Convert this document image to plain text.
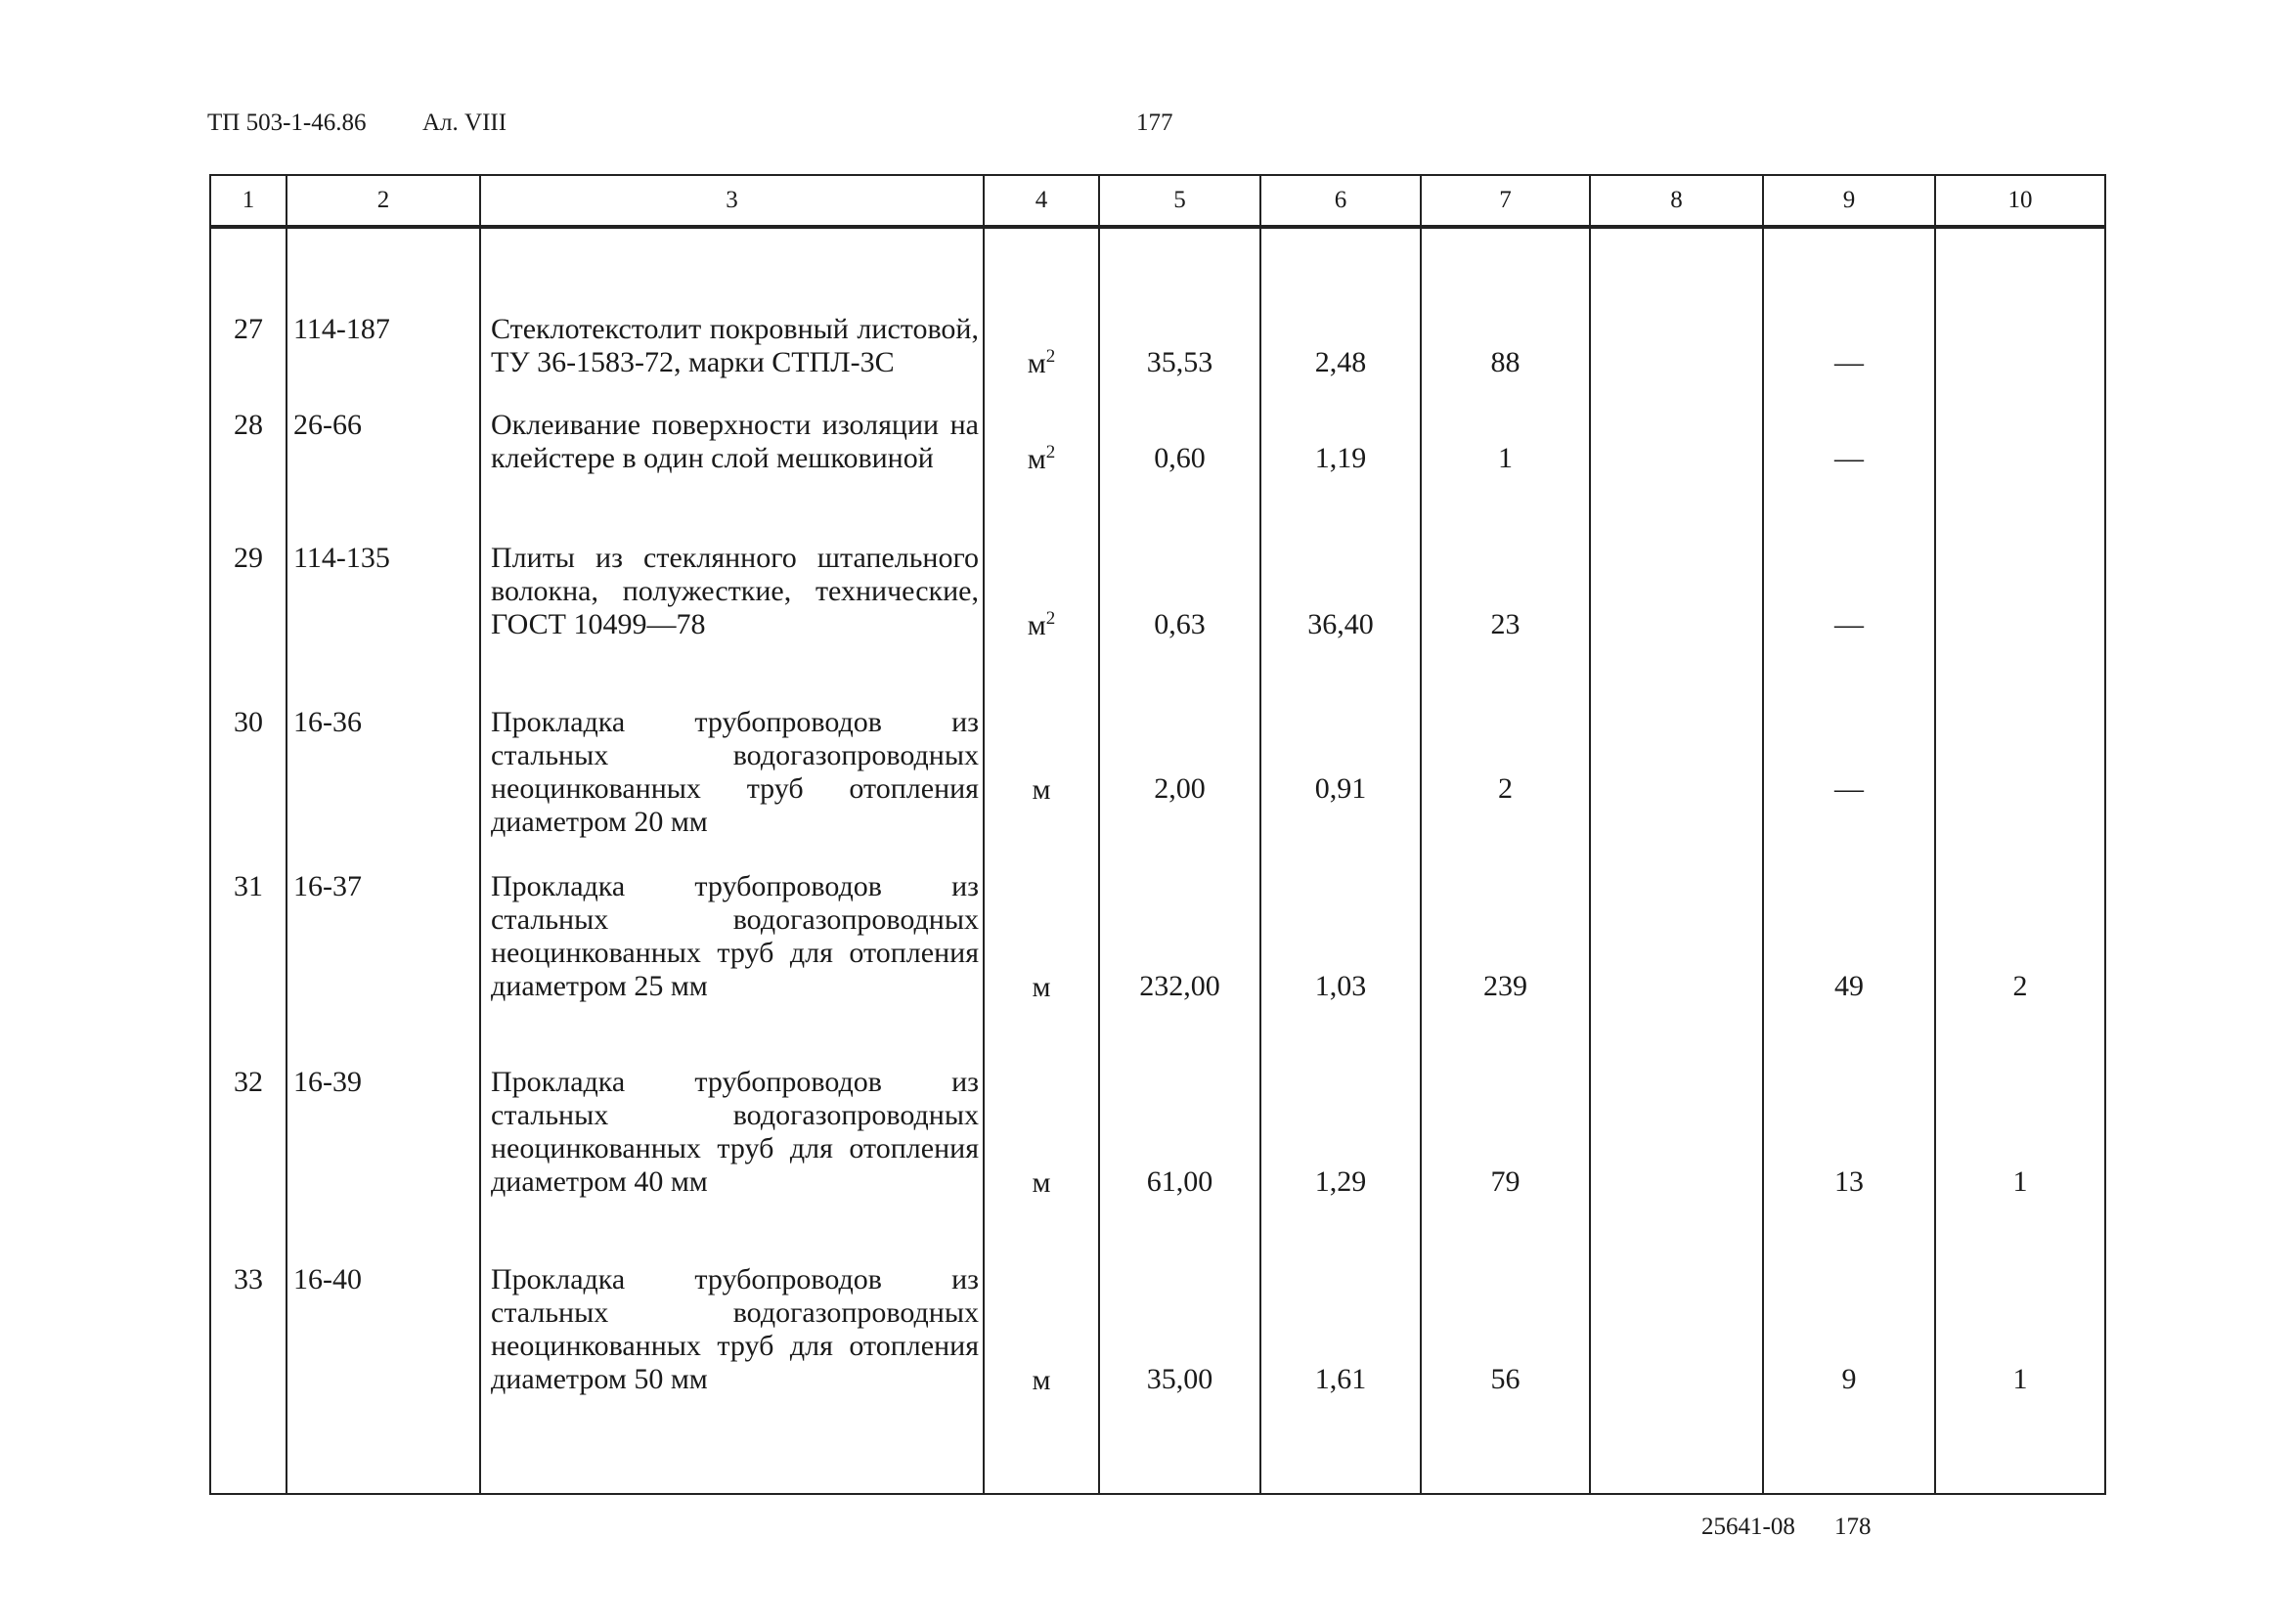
ТП 503-1-46.86 Ал. VIII	177
1	2	3	4	5	6	7	8	9	10

27	114-187	Стеклотекстолит покровный листовой, ТУ 36-1583-72, марки СТПЛ-3С	$м^2$	35,53	2,48	88		—	

28	26-66	Оклеивание поверхности изоляции на клейстере в один слой мешковиной	$м^2$	0,60	1,19	1		—	

29	114-135	Плиты из стеклянного штапельного волокна, полужесткие, технические, ГОСТ 10499—78	$м^2$	0,63	36,40	23		—	

30	16-36	Прокладка трубопроводов из стальных водогазопроводных неоцинкованных труб отопления диаметром 20 мм	м	2,00	0,91	2		—	

31	16-37	Прокладка трубопроводов из стальных водогазопроводных неоцинкованных труб для отопления диаметром 25 мм	м	232,00	1,03	239		49	2

32	16-39	Прокладка трубопроводов из стальных водогазопроводных неоцинкованных труб для отопления диаметром 40 мм	м	61,00	1,29	79		13	1

33	16-40	Прокладка трубопроводов из стальных водогазопроводных неоцинкованных труб для отопления диаметром 50 мм	м	35,00	1,61	56		9	1
25641-08 178
